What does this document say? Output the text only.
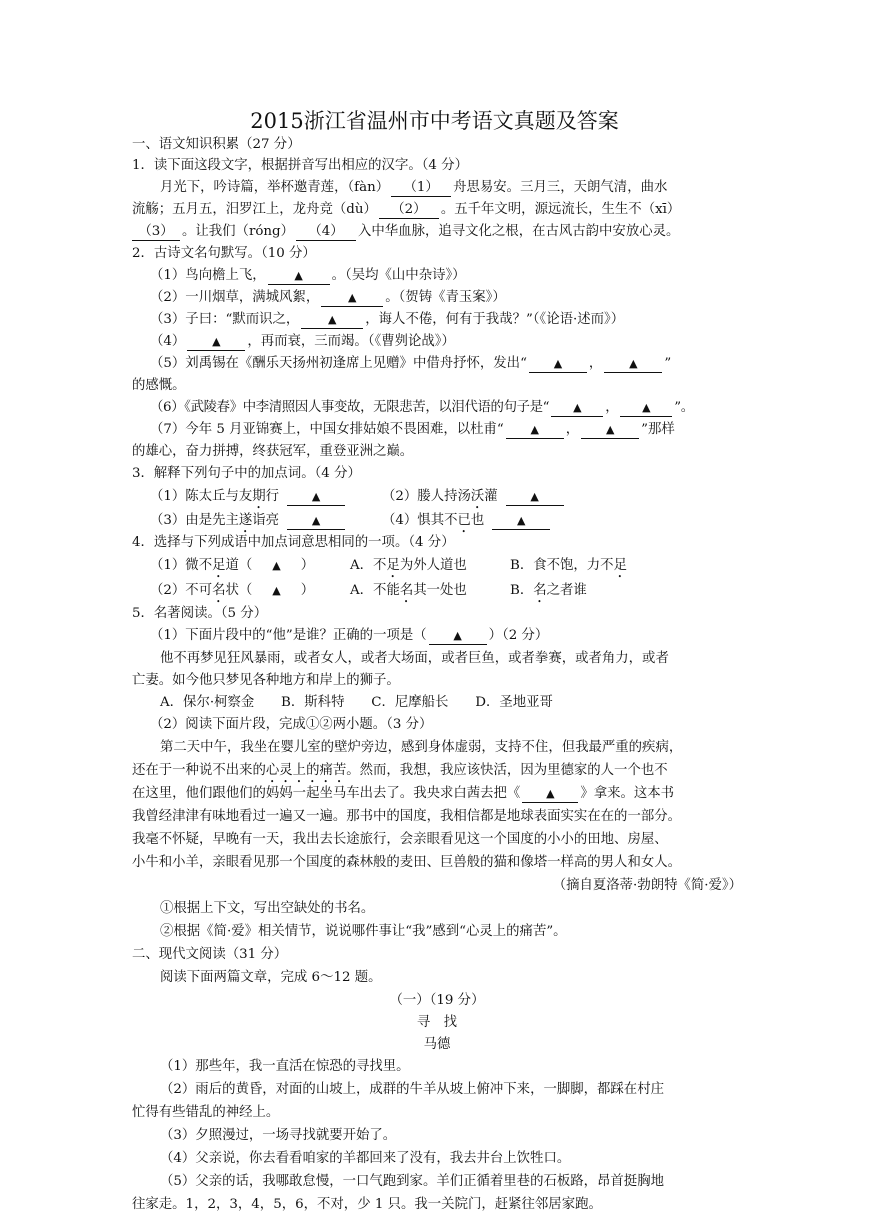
2015浙江省温州市中考语文真题及答案
一、语文知识积累（27 分）
1．读下面这段文字，根据拼音写出相应的汉字。（4 分）
月光下，吟诗篇，举杯邀青莲，（fàn） （1） 舟思易安。三月三，天朗气清，曲水
流觞；五月五，汨罗江上，龙舟竞（dù） （2） 。五千年文明，源远流长，生生不（xī）
（3） 。让我们（róng） （4） 入中华血脉，追寻文化之根，在古风古韵中安放心灵。
2．古诗文名句默写。（10 分）
（1）鸟向檐上飞，	▲ 。（吴均《山中杂诗》）
（2）一川烟草，满城风絮，	▲ 。（贺铸《青玉案》）
（3）子曰：“默而识之，	▲ ，诲人不倦，何有于我哉？”（《论语·述而》）
（4） ▲ ，再而衰，三而竭。（《曹刿论战》）
（5）刘禹锡在《酬乐天扬州初逢席上见赠》中借舟抒怀，发出“ ▲ ， ▲ ”
的感慨。
（6）《武陵春》中李清照因人事变故，无限悲苦，以泪代语的句子是“ ▲ ， ▲ ”。
（7）今年 5 月亚锦赛上，中国女排姑娘不畏困难，以杜甫“ ▲ ， ▲ ”那样
的雄心，奋力拼搏，终获冠军，重登亚洲之巅。
3．解释下列句子中的加点词。（4 分）
（1）陈太丘与友期行	▲	（2）媵人持汤沃灌	▲
（3）由是先主遂诣亮	▲	（4）惧其不已也	▲
4．选择与下列成语中加点词意思相同的一项。（4 分）
（1）微不足道（ ▲ ）	A．不足为外人道也	B．食不饱，力不足
（2）不可名状（ ▲ ）	A．不能名其一处也	B．名之者谁
5．名著阅读。（5 分）
（1）下面片段中的“他”是谁？正确的一项是（ ▲ ）（2 分）
他不再梦见狂风暴雨，或者女人，或者大场面，或者巨鱼，或者拳赛，或者角力，或者
亡妻。如今他只梦见各种地方和岸上的狮子。
A．保尔·柯察金　　B．斯科特　　C．尼摩船长　　D．圣地亚哥
（2）阅读下面片段，完成①②两小题。（3 分）
第二天中午，我坐在婴儿室的壁炉旁边，感到身体虚弱，支持不住，但我最严重的疾病，
还在于一种说不出来的心灵上的痛苦。然而，我想，我应该快活，因为里德家的人一个也不
在这里，他们跟他们的妈妈一起坐马车出去了。我央求白茜去把《 ▲ 》拿来。这本书
我曾经津津有味地看过一遍又一遍。那书中的国度，我相信都是地球表面实实在在的一部分。
我毫不怀疑，早晚有一天，我出去长途旅行，会亲眼看见这一个国度的小小的田地、房屋、
小牛和小羊，亲眼看见那一个国度的森林般的麦田、巨兽般的猫和像塔一样高的男人和女人。
（摘自夏洛蒂·勃朗特《简·爱》）
①根据上下文，写出空缺处的书名。
②根据《简·爱》相关情节，说说哪件事让“我”感到“心灵上的痛苦”。
二、现代文阅读（31 分）
阅读下面两篇文章，完成 6～12 题。
（一）（19 分）
寻　找
马德
（1）那些年，我一直活在惊恐的寻找里。
（2）雨后的黄昏，对面的山坡上，成群的牛羊从坡上俯冲下来，一脚脚，都踩在村庄
忙得有些错乱的神经上。
（3）夕照漫过，一场寻找就要开始了。
（4）父亲说，你去看看咱家的羊都回来了没有，我去井台上饮牲口。
（5）父亲的话，我哪敢怠慢，一口气跑到家。羊们正循着里巷的石板路，昂首挺胸地
往家走。1，2，3，4，5，6，不对，少 1 只。我一关院门，赶紧往邻居家跑。
